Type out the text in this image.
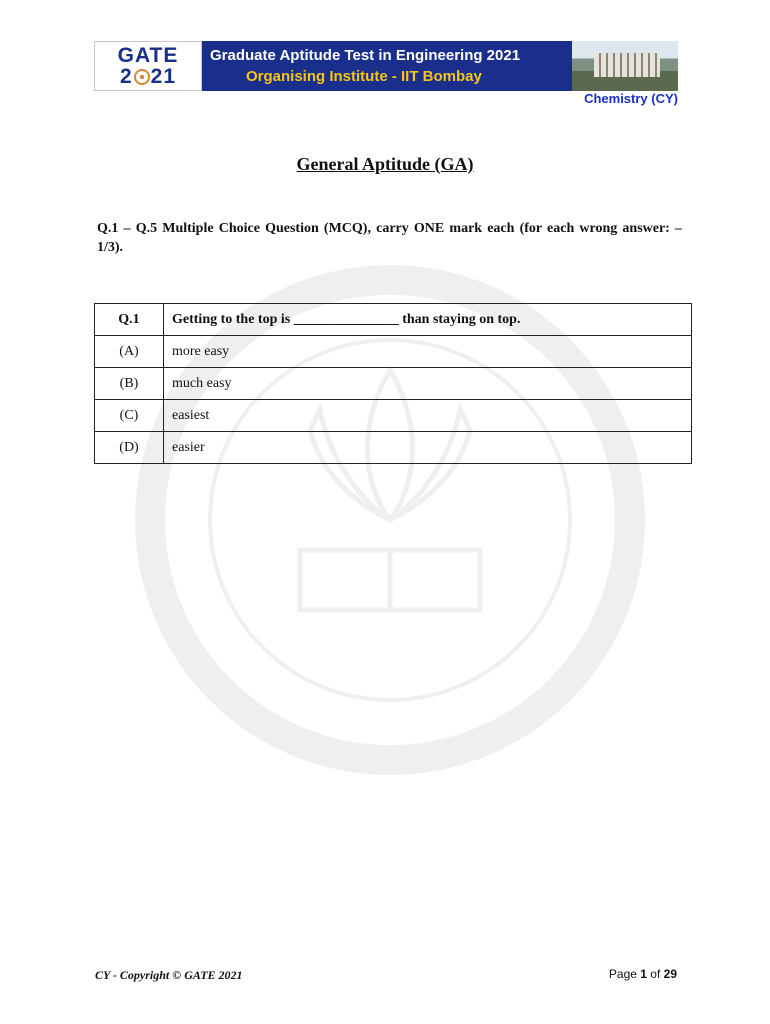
GATE
2 21
Graduate Aptitude Test in Engineering 2021
Organising Institute - IIT Bombay
Chemistry (CY)
General Aptitude (GA)
Q.1 – Q.5 Multiple Choice Question (MCQ), carry ONE mark each (for each wrong answer: – 1/3).
Q.1	Getting to the top is _______________ than staying on top.
(A)	more easy
(B)	much easy
(C)	easiest
(D)	easier
CY - Copyright © GATE 2021	Page 1 of 29
